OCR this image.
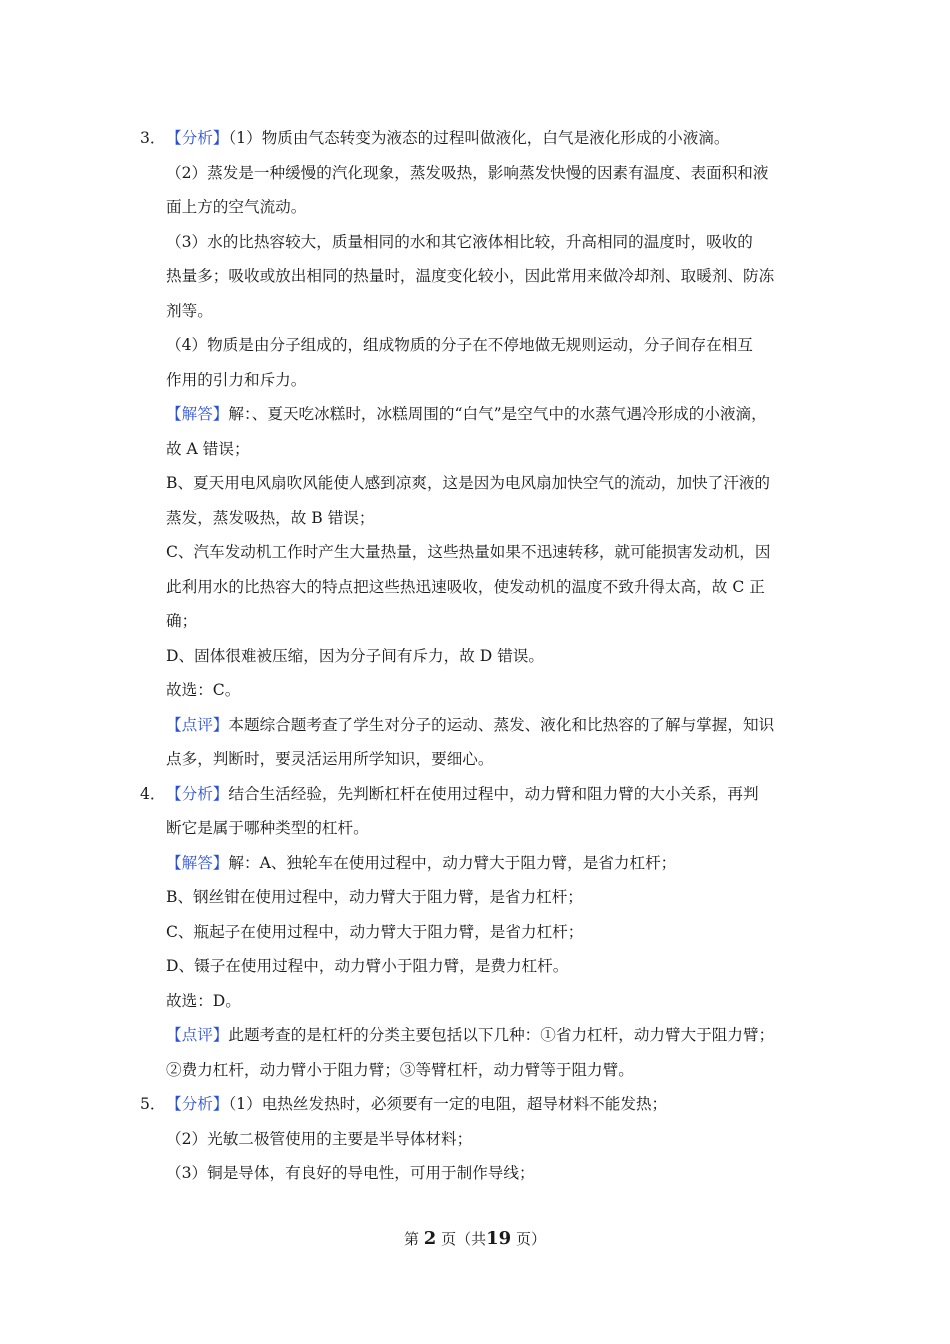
3．【分析】（1）物质由气态转变为液态的过程叫做液化，白气是液化形成的小液滴。
（2）蒸发是一种缓慢的汽化现象，蒸发吸热，影响蒸发快慢的因素有温度、表面积和液
面上方的空气流动。
（3）水的比热容较大，质量相同的水和其它液体相比较，升高相同的温度时，吸收的
热量多；吸收或放出相同的热量时，温度变化较小，因此常用来做冷却剂、取暖剂、防冻
剂等。
（4）物质是由分子组成的，组成物质的分子在不停地做无规则运动，分子间存在相互
作用的引力和斥力。
【解答】解：、夏天吃冰糕时，冰糕周围的“白气”是空气中的水蒸气遇冷形成的小液滴，
故 A 错误；
B、夏天用电风扇吹风能使人感到凉爽，这是因为电风扇加快空气的流动，加快了汗液的
蒸发，蒸发吸热，故 B 错误；
C、汽车发动机工作时产生大量热量，这些热量如果不迅速转移，就可能损害发动机，因
此利用水的比热容大的特点把这些热迅速吸收，使发动机的温度不致升得太高，故 C 正
确；
D、固体很难被压缩，因为分子间有斥力，故 D 错误。
故选：C。
【点评】本题综合题考查了学生对分子的运动、蒸发、液化和比热容的了解与掌握，知识
点多，判断时，要灵活运用所学知识，要细心。
4．【分析】结合生活经验，先判断杠杆在使用过程中，动力臂和阻力臂的大小关系，再判
断它是属于哪种类型的杠杆。
【解答】解：A、独轮车在使用过程中，动力臂大于阻力臂，是省力杠杆；
B、钢丝钳在使用过程中，动力臂大于阻力臂，是省力杠杆；
C、瓶起子在使用过程中，动力臂大于阻力臂，是省力杠杆；
D、镊子在使用过程中，动力臂小于阻力臂，是费力杠杆。
故选：D。
【点评】此题考查的是杠杆的分类主要包括以下几种：①省力杠杆，动力臂大于阻力臂；
②费力杠杆，动力臂小于阻力臂；③等臂杠杆，动力臂等于阻力臂。
5．【分析】（1）电热丝发热时，必须要有一定的电阻，超导材料不能发热；
（2）光敏二极管使用的主要是半导体材料；
（3）铜是导体，有良好的导电性，可用于制作导线；
第 2 页（共19 页）
